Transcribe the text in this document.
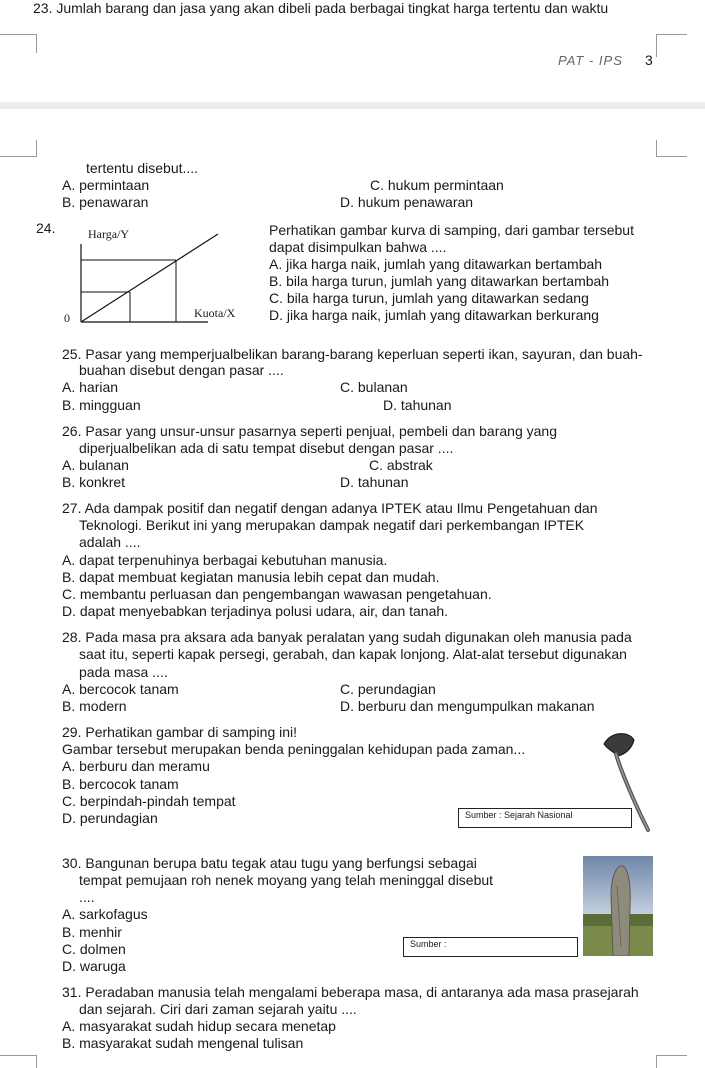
23. Jumlah barang dan jasa yang akan dibeli pada berbagai tingkat harga tertentu dan waktu
PAT - IPS 3
tertentu disebut....
A. permintaan	C. hukum permintaan
B. penawaran	D. hukum penawaran
24.	Harga/Y
0	Kuota/X
Perhatikan gambar kurva di samping, dari gambar tersebut
dapat disimpulkan bahwa ....
A. jika harga naik, jumlah yang ditawarkan bertambah
B. bila harga turun, jumlah yang ditawarkan bertambah
C. bila harga turun, jumlah yang ditawarkan sedang
D. jika harga naik, jumlah yang ditawarkan berkurang
25. Pasar yang memperjualbelikan barang-barang keperluan seperti ikan, sayuran, dan buah-
buahan disebut dengan pasar ....
A. harian	C. bulanan
B. mingguan	D. tahunan
26. Pasar yang unsur-unsur pasarnya seperti penjual, pembeli dan barang yang
diperjualbelikan ada di satu tempat disebut dengan pasar ....
A. bulanan	C. abstrak
B. konkret	D. tahunan
27. Ada dampak positif dan negatif dengan adanya IPTEK atau Ilmu Pengetahuan dan
Teknologi. Berikut ini yang merupakan dampak negatif dari perkembangan IPTEK
adalah ....
A. dapat terpenuhinya berbagai kebutuhan manusia.
B. dapat membuat kegiatan manusia lebih cepat dan mudah.
C. membantu perluasan dan pengembangan wawasan pengetahuan.
D. dapat menyebabkan terjadinya polusi udara, air, dan tanah.
28. Pada masa pra aksara ada banyak peralatan yang sudah digunakan oleh manusia pada
saat itu, seperti kapak persegi, gerabah, dan kapak lonjong. Alat-alat tersebut digunakan
pada masa ....
A. bercocok tanam	C. perundagian
B. modern	D. berburu dan mengumpulkan makanan
29. Perhatikan gambar di samping ini!
Gambar tersebut merupakan benda peninggalan kehidupan pada zaman...
A. berburu dan meramu
B. bercocok tanam
C. berpindah-pindah tempat
D. perundagian	Sumber : Sejarah Nasional
30. Bangunan berupa batu tegak atau tugu yang berfungsi sebagai
tempat pemujaan roh nenek moyang yang telah meninggal disebut
....
A. sarkofagus
B. menhir
C. dolmen
D. waruga
Sumber :
31. Peradaban manusia telah mengalami beberapa masa, di antaranya ada masa prasejarah
dan sejarah. Ciri dari zaman sejarah yaitu ....
A. masyarakat sudah hidup secara menetap
B. masyarakat sudah mengenal tulisan
